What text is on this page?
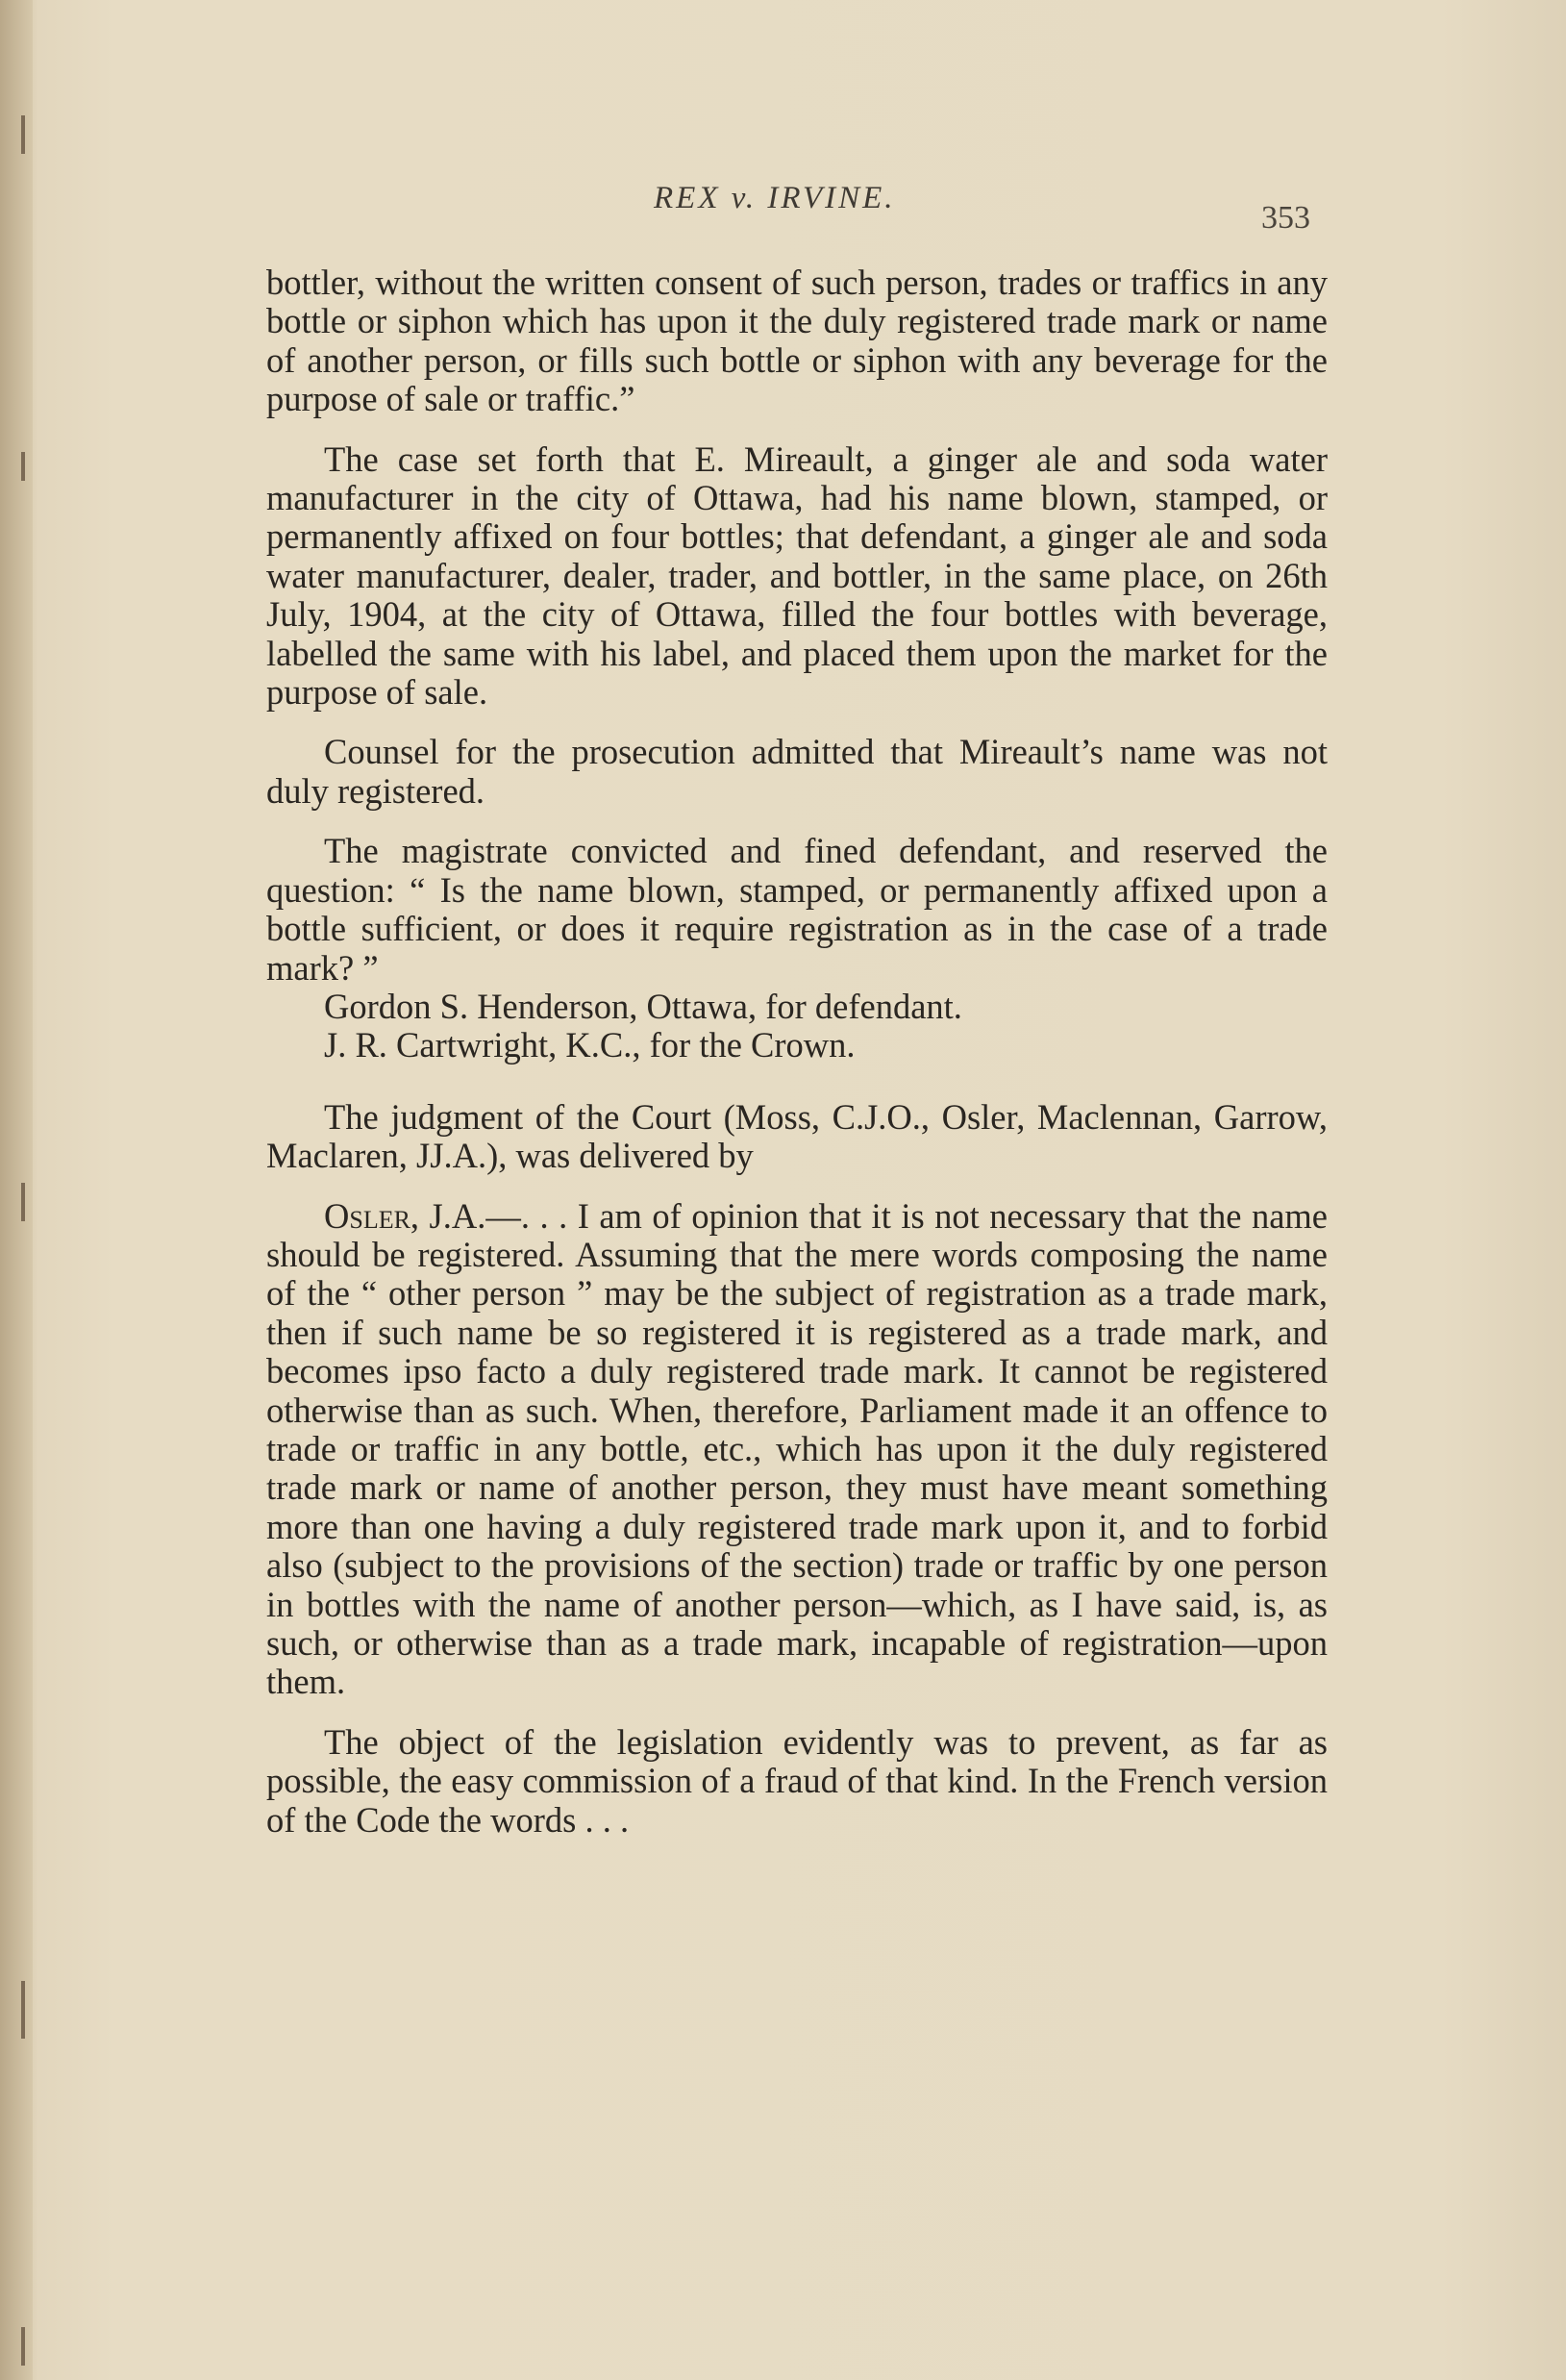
REX v. IRVINE.
353

bottler, without the written consent of such person, trades or traffics in any bottle or siphon which has upon it the duly registered trade mark or name of another person, or fills such bottle or siphon with any beverage for the purpose of sale or traffic.”

The case set forth that E. Mireault, a ginger ale and soda water manufacturer in the city of Ottawa, had his name blown, stamped, or permanently affixed on four bottles; that defendant, a ginger ale and soda water manufacturer, dealer, trader, and bottler, in the same place, on 26th July, 1904, at the city of Ottawa, filled the four bottles with beverage, labelled the same with his label, and placed them upon the market for the purpose of sale.

Counsel for the prosecution admitted that Mireault’s name was not duly registered.

The magistrate convicted and fined defendant, and reserved the question: “ Is the name blown, stamped, or permanently affixed upon a bottle sufficient, or does it require registration as in the case of a trade mark? ”

Gordon S. Henderson, Ottawa, for defendant.

J. R. Cartwright, K.C., for the Crown.

The judgment of the Court (Moss, C.J.O., Osler, Maclennan, Garrow, Maclaren, JJ.A.), was delivered by

Osler, J.A.—. . . I am of opinion that it is not necessary that the name should be registered. Assuming that the mere words composing the name of the “ other person ” may be the subject of registration as a trade mark, then if such name be so registered it is registered as a trade mark, and becomes ipso facto a duly registered trade mark. It cannot be registered otherwise than as such. When, therefore, Parliament made it an offence to trade or traffic in any bottle, etc., which has upon it the duly registered trade mark or name of another person, they must have meant something more than one having a duly registered trade mark upon it, and to forbid also (subject to the provisions of the section) trade or traffic by one person in bottles with the name of another person—which, as I have said, is, as such, or otherwise than as a trade mark, incapable of registration—upon them.

The object of the legislation evidently was to prevent, as far as possible, the easy commission of a fraud of that kind. In the French version of the Code the words . . .
